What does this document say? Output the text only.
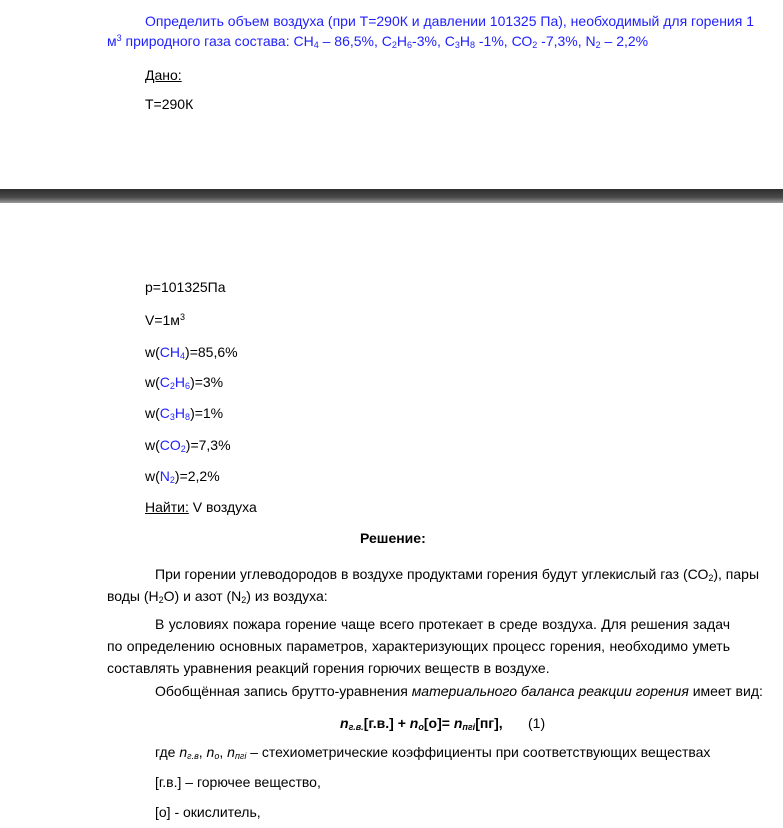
Определить объем воздуха (при Т=290К и давлении 101325 Па), необходимый для горения 1
$м^3$ природного газа состава: $СН_4 - 86,5\%$, $С_2Н_6-3\%$, $С_3Н_8$ -1%, $СО_2$ -7,3%, $N_2 - 2,2\%$
Дано:
Т=290К
р=101325Па
$V=1м^3$
$w(CH_4)=85,6\%$
$w(C_2H_6)=3\%$
$w(C_3H_8)=1\%$
$w(CO_2)=7,3\%$
$w(N_2)=2,2\%$
Найти: V воздуха
Решение:
При горении углеводородов в воздухе продуктами горения будут углекислый газ $(СО_2)$, пары
воды $(Н_2О)$ и азот $(N_2)$ из воздуха:
В условиях пожара горение чаще всего протекает в среде воздуха. Для решения задач по определению основных параметров, характеризующих процесс горения, необходимо уметь составлять уравнения реакций горения горючих веществ в воздухе.
Обобщённая запись брутто-уравнения материального баланса реакции горения имеет вид:
$n_{г.в.}[г.в.] + n_о[о]= n_{пгi}[пг]$, (1)
где $n_{г.в}$, $n_о$, $n_{пгi}$ – стехиометрические коэффициенты при соответствующих веществах
[г.в.] – горючее вещество,
[о] - окислитель,
